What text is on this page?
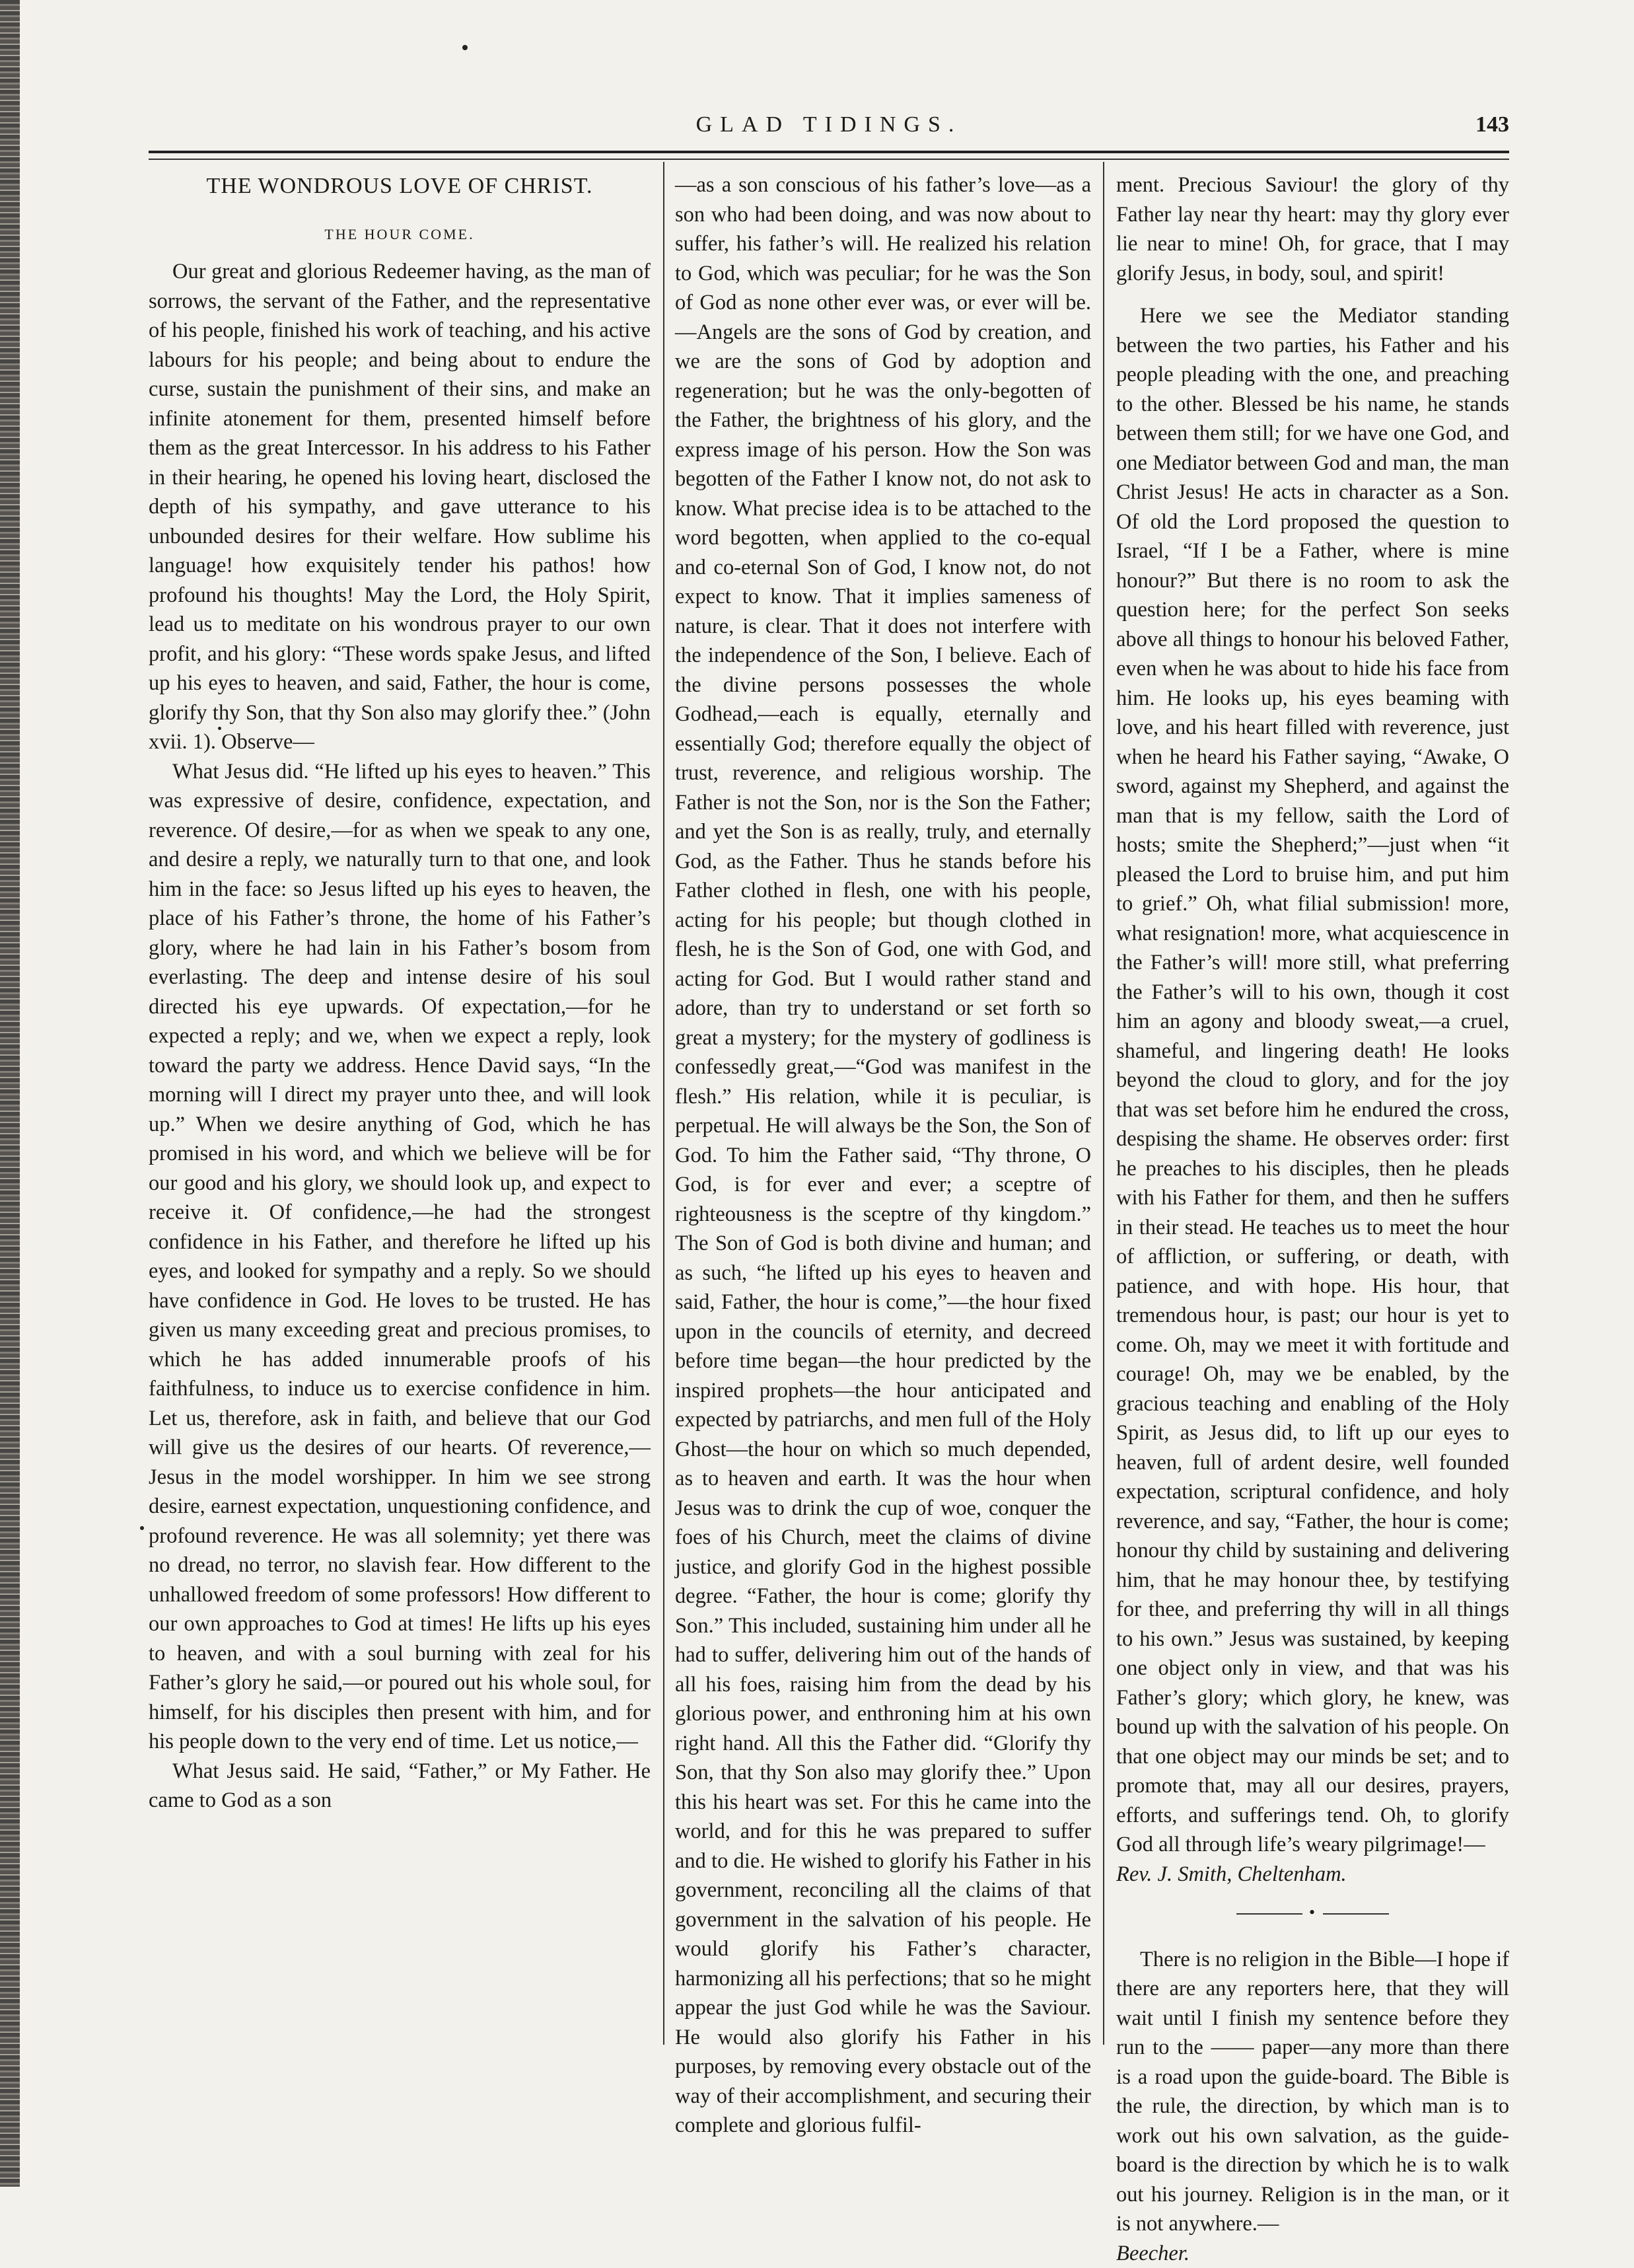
GLAD TIDINGS.	143
THE WONDROUS LOVE OF CHRIST.
THE HOUR COME.

Our great and glorious Redeemer having, as the man of sorrows, the servant of the Father, and the representative of his people, finished his work of teaching, and his active labours for his people; and being about to endure the curse, sustain the punishment of their sins, and make an infinite atonement for them, presented himself before them as the great Intercessor. In his address to his Father in their hearing, he opened his loving heart, disclosed the depth of his sympathy, and gave utterance to his unbounded desires for their welfare. How sublime his language! how exquisitely tender his pathos! how profound his thoughts! May the Lord, the Holy Spirit, lead us to meditate on his wondrous prayer to our own profit, and his glory: “These words spake Jesus, and lifted up his eyes to heaven, and said, Father, the hour is come, glorify thy Son, that thy Son also may glorify thee.” (John xvii. 1). Observe—

What Jesus did. “He lifted up his eyes to heaven.” This was expressive of desire, confidence, expectation, and reverence. Of desire,—for as when we speak to any one, and desire a reply, we naturally turn to that one, and look him in the face: so Jesus lifted up his eyes to heaven, the place of his Father’s throne, the home of his Father’s glory, where he had lain in his Father’s bosom from everlasting. The deep and intense desire of his soul directed his eye upwards. Of expectation,—for he expected a reply; and we, when we expect a reply, look toward the party we address. Hence David says, “In the morning will I direct my prayer unto thee, and will look up.” When we desire anything of God, which he has promised in his word, and which we believe will be for our good and his glory, we should look up, and expect to receive it. Of confidence,—he had the strongest confidence in his Father, and therefore he lifted up his eyes, and looked for sympathy and a reply. So we should have confidence in God. He loves to be trusted. He has given us many exceeding great and precious promises, to which he has added innumerable proofs of his faithfulness, to induce us to exercise confidence in him. Let us, therefore, ask in faith, and believe that our God will give us the desires of our hearts. Of reverence,—Jesus in the model worshipper. In him we see strong desire, earnest expectation, unquestioning confidence, and profound reverence. He was all solemnity; yet there was no dread, no terror, no slavish fear. How different to the unhallowed freedom of some professors! How different to our own approaches to God at times! He lifts up his eyes to heaven, and with a soul burning with zeal for his Father’s glory he said,—or poured out his whole soul, for himself, for his disciples then present with him, and for his people down to the very end of time. Let us notice,—

What Jesus said. He said, “Father,” or My Father. He came to God as a son

—as a son conscious of his father’s love—as a son who had been doing, and was now about to suffer, his father’s will. He realized his relation to God, which was peculiar; for he was the Son of God as none other ever was, or ever will be.—Angels are the sons of God by creation, and we are the sons of God by adoption and regeneration; but he was the only-begotten of the Father, the brightness of his glory, and the express image of his person. How the Son was begotten of the Father I know not, do not ask to know. What precise idea is to be attached to the word begotten, when applied to the co-equal and co-eternal Son of God, I know not, do not expect to know. That it implies sameness of nature, is clear. That it does not interfere with the independence of the Son, I believe. Each of the divine persons possesses the whole Godhead,—each is equally, eternally and essentially God; therefore equally the object of trust, reverence, and religious worship. The Father is not the Son, nor is the Son the Father; and yet the Son is as really, truly, and eternally God, as the Father. Thus he stands before his Father clothed in flesh, one with his people, acting for his people; but though clothed in flesh, he is the Son of God, one with God, and acting for God. But I would rather stand and adore, than try to understand or set forth so great a mystery; for the mystery of godliness is confessedly great,—“God was manifest in the flesh.” His relation, while it is peculiar, is perpetual. He will always be the Son, the Son of God. To him the Father said, “Thy throne, O God, is for ever and ever; a sceptre of righteousness is the sceptre of thy kingdom.” The Son of God is both divine and human; and as such, “he lifted up his eyes to heaven and said, Father, the hour is come,”—the hour fixed upon in the councils of eternity, and decreed before time began—the hour predicted by the inspired prophets—the hour anticipated and expected by patriarchs, and men full of the Holy Ghost—the hour on which so much depended, as to heaven and earth. It was the hour when Jesus was to drink the cup of woe, conquer the foes of his Church, meet the claims of divine justice, and glorify God in the highest possible degree. “Father, the hour is come; glorify thy Son.” This included, sustaining him under all he had to suffer, delivering him out of the hands of all his foes, raising him from the dead by his glorious power, and enthroning him at his own right hand. All this the Father did. “Glorify thy Son, that thy Son also may glorify thee.” Upon this his heart was set. For this he came into the world, and for this he was prepared to suffer and to die. He wished to glorify his Father in his government, reconciling all the claims of that government in the salvation of his people. He would glorify his Father’s character, harmonizing all his perfections; that so he might appear the just God while he was the Saviour. He would also glorify his Father in his purposes, by removing every obstacle out of the way of their accomplishment, and securing their complete and glorious fulfil-

ment. Precious Saviour! the glory of thy Father lay near thy heart: may thy glory ever lie near to mine! Oh, for grace, that I may glorify Jesus, in body, soul, and spirit!

Here we see the Mediator standing between the two parties, his Father and his people pleading with the one, and preaching to the other. Blessed be his name, he stands between them still; for we have one God, and one Mediator between God and man, the man Christ Jesus! He acts in character as a Son. Of old the Lord proposed the question to Israel, “If I be a Father, where is mine honour?” But there is no room to ask the question here; for the perfect Son seeks above all things to honour his beloved Father, even when he was about to hide his face from him. He looks up, his eyes beaming with love, and his heart filled with reverence, just when he heard his Father saying, “Awake, O sword, against my Shepherd, and against the man that is my fellow, saith the Lord of hosts; smite the Shepherd;”—just when “it pleased the Lord to bruise him, and put him to grief.” Oh, what filial submission! more, what resignation! more, what acquiescence in the Father’s will! more still, what preferring the Father’s will to his own, though it cost him an agony and bloody sweat,—a cruel, shameful, and lingering death! He looks beyond the cloud to glory, and for the joy that was set before him he endured the cross, despising the shame. He observes order: first he preaches to his disciples, then he pleads with his Father for them, and then he suffers in their stead. He teaches us to meet the hour of affliction, or suffering, or death, with patience, and with hope. His hour, that tremendous hour, is past; our hour is yet to come. Oh, may we meet it with fortitude and courage! Oh, may we be enabled, by the gracious teaching and enabling of the Holy Spirit, as Jesus did, to lift up our eyes to heaven, full of ardent desire, well founded expectation, scriptural confidence, and holy reverence, and say, “Father, the hour is come; honour thy child by sustaining and delivering him, that he may honour thee, by testifying for thee, and preferring thy will in all things to his own.” Jesus was sustained, by keeping one object only in view, and that was his Father’s glory; which glory, he knew, was bound up with the salvation of his people. On that one object may our minds be set; and to promote that, may all our desires, prayers, efforts, and sufferings tend. Oh, to glorify God all through life’s weary pilgrimage!—

Rev. J. Smith, Cheltenham.

•

There is no religion in the Bible—I hope if there are any reporters here, that they will wait until I finish my sentence before they run to the —— paper—any more than there is a road upon the guide-board. The Bible is the rule, the direction, by which man is to work out his own salvation, as the guide-board is the direction by which he is to walk out his journey. Religion is in the man, or it is not anywhere.—

Beecher.
